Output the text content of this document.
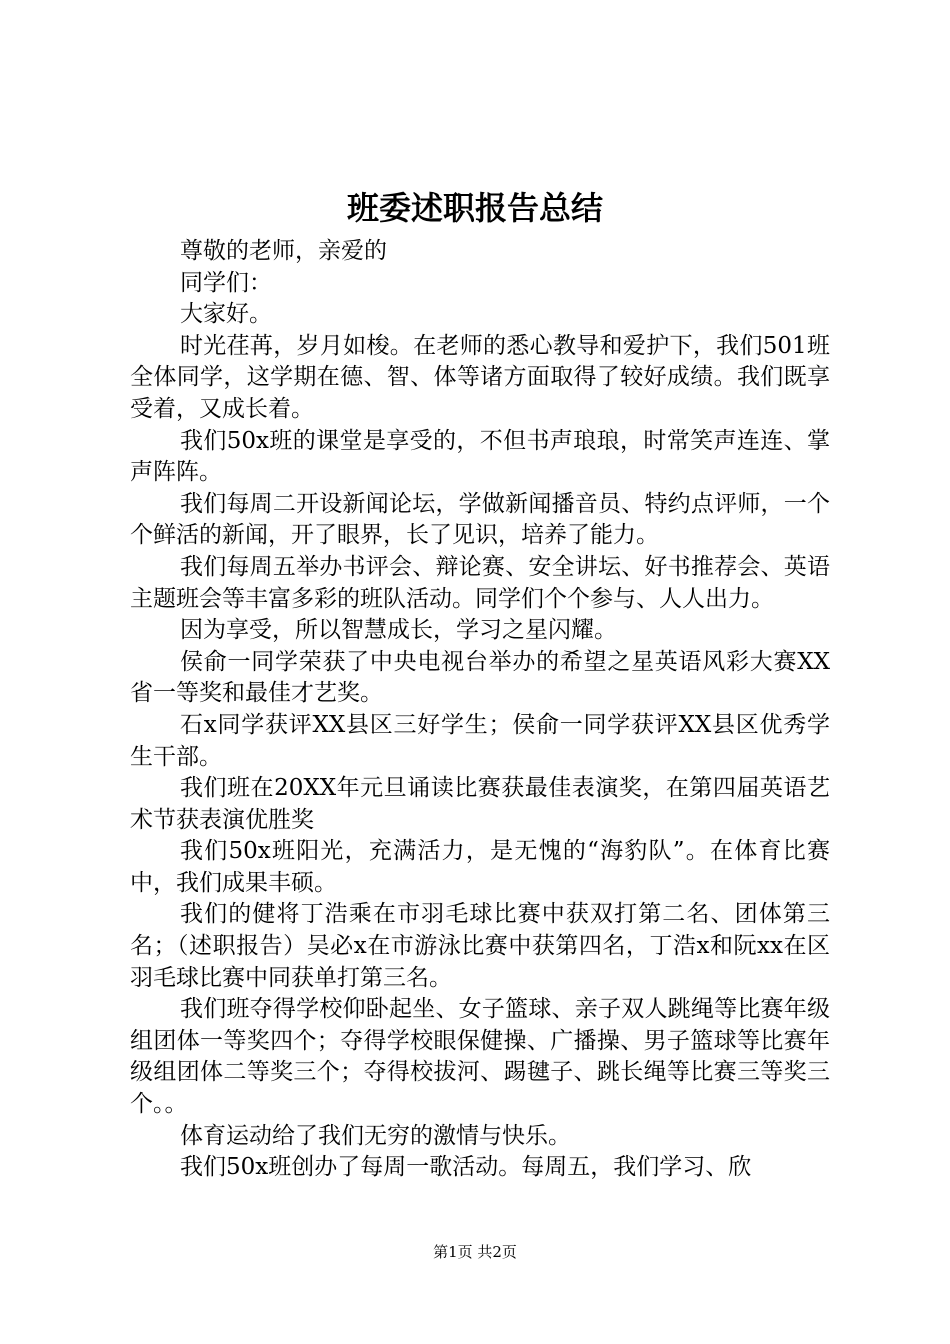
班委述职报告总结

尊敬的老师，亲爱的

同学们：

大家好。

时光荏苒，岁月如梭。在老师的悉心教导和爱护下，我们501班全体同学，这学期在德、智、体等诸方面取得了较好成绩。我们既享受着，又成长着。

我们50x班的课堂是享受的，不但书声琅琅，时常笑声连连、掌声阵阵。

我们每周二开设新闻论坛，学做新闻播音员、特约点评师，一个个鲜活的新闻，开了眼界，长了见识，培养了能力。

我们每周五举办书评会、辩论赛、安全讲坛、好书推荐会、英语主题班会等丰富多彩的班队活动。同学们个个参与、人人出力。

因为享受，所以智慧成长，学习之星闪耀。

侯俞一同学荣获了中央电视台举办的希望之星英语风彩大赛XX省一等奖和最佳才艺奖。

石x同学获评XX县区三好学生；侯俞一同学获评XX县区优秀学生干部。

我们班在20XX年元旦诵读比赛获最佳表演奖，在第四届英语艺术节获表演优胜奖

我们50x班阳光，充满活力，是无愧的“海豹队”。在体育比赛中，我们成果丰硕。

我们的健将丁浩乘在市羽毛球比赛中获双打第二名、团体第三名；（述职报告）吴必x在市游泳比赛中获第四名，丁浩x和阮xx在区羽毛球比赛中同获单打第三名。

我们班夺得学校仰卧起坐、女子篮球、亲子双人跳绳等比赛年级组团体一等奖四个；夺得学校眼保健操、广播操、男子篮球等比赛年级组团体二等奖三个；夺得校拔河、踢毽子、跳长绳等比赛三等奖三个。。

体育运动给了我们无穷的激情与快乐。

我们50x班创办了每周一歌活动。每周五，我们学习、欣

第1页 共2页
